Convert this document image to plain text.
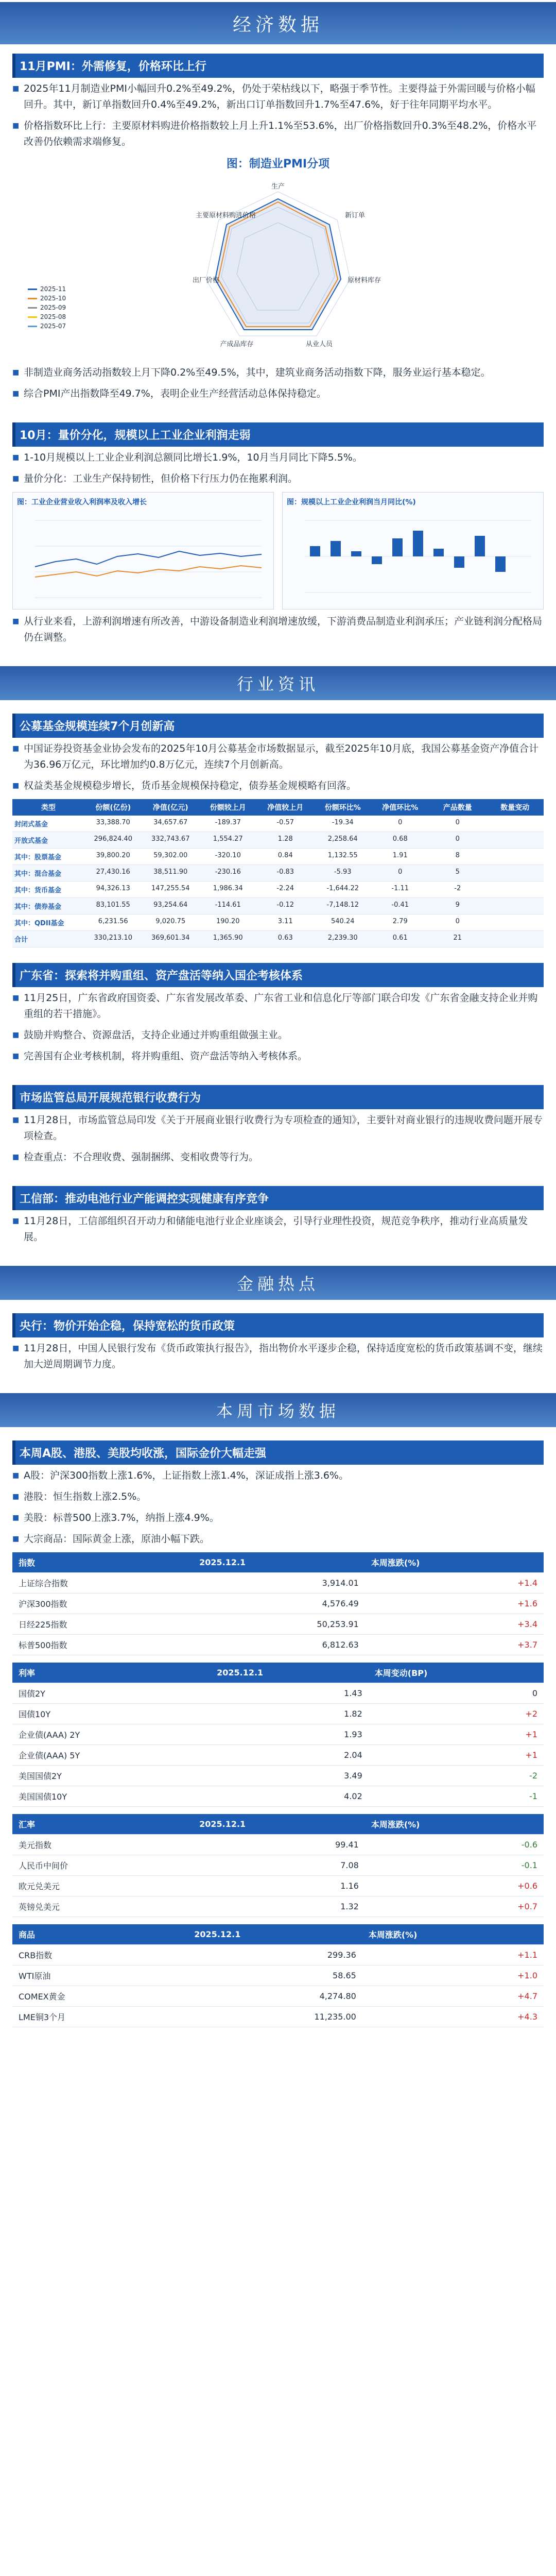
经济数据
11月PMI：外需修复，价格环比上行
■ 2025年11月制造业PMI小幅回升0.2%至49.2%，仍处于荣枯线以下，略强于季节性。主要得益于外需回暖与价格小幅回升。其中，新订单指数回升0.4%至49.2%，新出口订单指数回升1.7%至47.6%，好于往年同期平均水平。
■ 价格指数环比上行：主要原材料购进价格指数较上月上升1.1%至53.6%，出厂价格指数回升0.3%至48.2%，价格水平改善仍依赖需求端修复。
图：制造业PMI分项
生产
新订单
原材料库存
从业人员
产成品库存
出厂价格
主要原材料购进价格
2025-11
2025-10
2025-09
2025-08
2025-07
■ 非制造业商务活动指数较上月下降0.2%至49.5%，其中，建筑业商务活动指数下降，服务业运行基本稳定。
■ 综合PMI产出指数降至49.7%，表明企业生产经营活动总体保持稳定。
10月：量价分化，规模以上工业企业利润走弱
■ 1-10月规模以上工业企业利润总额同比增长1.9%，10月当月同比下降5.5%。
■ 量价分化：工业生产保持韧性，但价格下行压力仍在拖累利润。
图：工业企业营业收入利润率及收入增长	图：规模以上工业企业利润当月同比(%)
■ 从行业来看，上游利润增速有所改善，中游设备制造业利润增速放缓，下游消费品制造业利润承压；产业链利润分配格局仍在调整。
行业资讯
公募基金规模连续7个月创新高
■ 中国证券投资基金业协会发布的2025年10月公募基金市场数据显示，截至2025年10月底，我国公募基金资产净值合计为36.96万亿元，环比增加约0.8万亿元，连续7个月创新高。
■ 权益类基金规模稳步增长，货币基金规模保持稳定，债券基金规模略有回落。
类型	份额(亿份)	净值(亿元)	份额较上月	净值较上月	份额环比%	净值环比%	产品数量	数量变动
封闭式基金	33,388.70	34,657.67	-189.37	-0.57	-19.34	0	0
开放式基金	296,824.40	332,743.67	1,554.27	1.28	2,258.64	0.68	0
其中：股票基金	39,800.20	59,302.00	-320.10	0.84	1,132.55	1.91	8
其中：混合基金	27,430.16	38,511.90	-230.16	-0.83	-5.93	0	5
其中：货币基金	94,326.13	147,255.54	1,986.34	-2.24	-1,644.22	-1.11	-2
其中：债券基金	83,101.55	93,254.64	-114.61	-0.12	-7,148.12	-0.41	9
其中：QDII基金	6,231.56	9,020.75	190.20	3.11	540.24	2.79	0
合计	330,213.10	369,601.34	1,365.90	0.63	2,239.30	0.61	21
广东省：探索将并购重组、资产盘活等纳入国企考核体系
■ 11月25日，广东省政府国资委、广东省发展改革委、广东省工业和信息化厅等部门联合印发《广东省金融支持企业并购重组的若干措施》。
■ 鼓励并购整合、资源盘活，支持企业通过并购重组做强主业。
■ 完善国有企业考核机制，将并购重组、资产盘活等纳入考核体系。
市场监管总局开展规范银行收费行为
■ 11月28日，市场监管总局印发《关于开展商业银行收费行为专项检查的通知》，主要针对商业银行的违规收费问题开展专项检查。
■ 检查重点：不合理收费、强制捆绑、变相收费等行为。
工信部：推动电池行业产能调控实现健康有序竞争
■ 11月28日，工信部组织召开动力和储能电池行业企业座谈会，引导行业理性投资，规范竞争秩序，推动行业高质量发展。
金融热点
央行：物价开始企稳，保持宽松的货币政策
■ 11月28日，中国人民银行发布《货币政策执行报告》，指出物价水平逐步企稳，保持适度宽松的货币政策基调不变，继续加大逆周期调节力度。
本周市场数据
本周A股、港股、美股均收涨，国际金价大幅走强
■ A股：沪深300指数上涨1.6%，上证指数上涨1.4%，深证成指上涨3.6%。
■ 港股：恒生指数上涨2.5%。
■ 美股：标普500上涨3.7%，纳指上涨4.9%。
■ 大宗商品：国际黄金上涨，原油小幅下跌。
指数	2025.12.1	本周涨跌(%)
上证综合指数	3,914.01	+1.4
沪深300指数	4,576.49	+1.6
日经225指数	50,253.91	+3.4
标普500指数	6,812.63	+3.7
利率	2025.12.1	本周变动(BP)
国债2Y	1.43	0
国债10Y	1.82	+2
企业债(AAA) 2Y	1.93	+1
企业债(AAA) 5Y	2.04	+1
美国国债2Y	3.49	-2
美国国债10Y	4.02	-1
汇率	2025.12.1	本周涨跌(%)
美元指数	99.41	-0.6
人民币中间价	7.08	-0.1
欧元兑美元	1.16	+0.6
英镑兑美元	1.32	+0.7
商品	2025.12.1	本周涨跌(%)
CRB指数	299.36	+1.1
WTI原油	58.65	+1.0
COMEX黄金	4,274.80	+4.7
LME铜3个月	11,235.00	+4.3
